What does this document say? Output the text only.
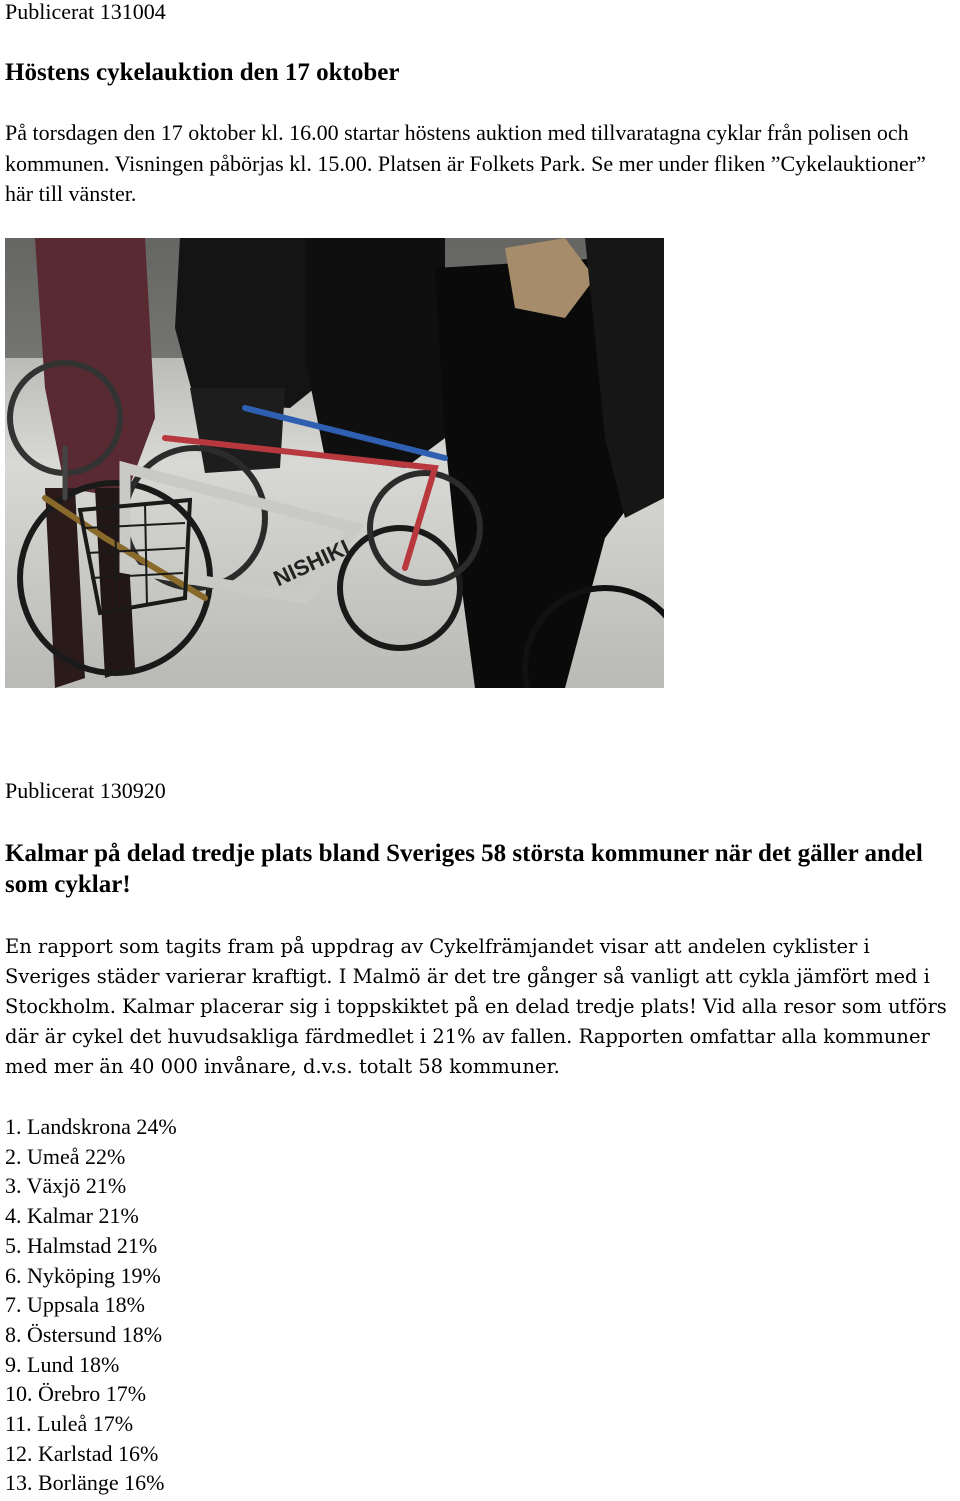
Publicerat 131004

Höstens cykelauktion den 17 oktober

På torsdagen den 17 oktober kl. 16.00 startar höstens auktion med tillvaratagna cyklar från polisen och kommunen. Visningen påbörjas kl. 15.00. Platsen är Folkets Park. Se mer under fliken ”Cykelauktioner” här till vänster.

NISHIKI

Publicerat 130920

Kalmar på delad tredje plats bland Sveriges 58 största kommuner när det gäller andel som cyklar!

En rapport som tagits fram på uppdrag av Cykelfrämjandet visar att andelen cyklister i Sveriges städer varierar kraftigt. I Malmö är det tre gånger så vanligt att cykla jämfört med i Stockholm. Kalmar placerar sig i toppskiktet på en delad tredje plats! Vid alla resor som utförs där är cykel det huvudsakliga färdmedlet i 21% av fallen. Rapporten omfattar alla kommuner med mer än 40 000 invånare, d.v.s. totalt 58 kommuner.

1. Landskrona 24%
2. Umeå 22%
3. Växjö 21%
4. Kalmar 21%
5. Halmstad 21%
6. Nyköping 19%
7. Uppsala 18%
8. Östersund 18%
9. Lund 18%
10. Örebro 17%
11. Luleå 17%
12. Karlstad 16%
13. Borlänge 16%
